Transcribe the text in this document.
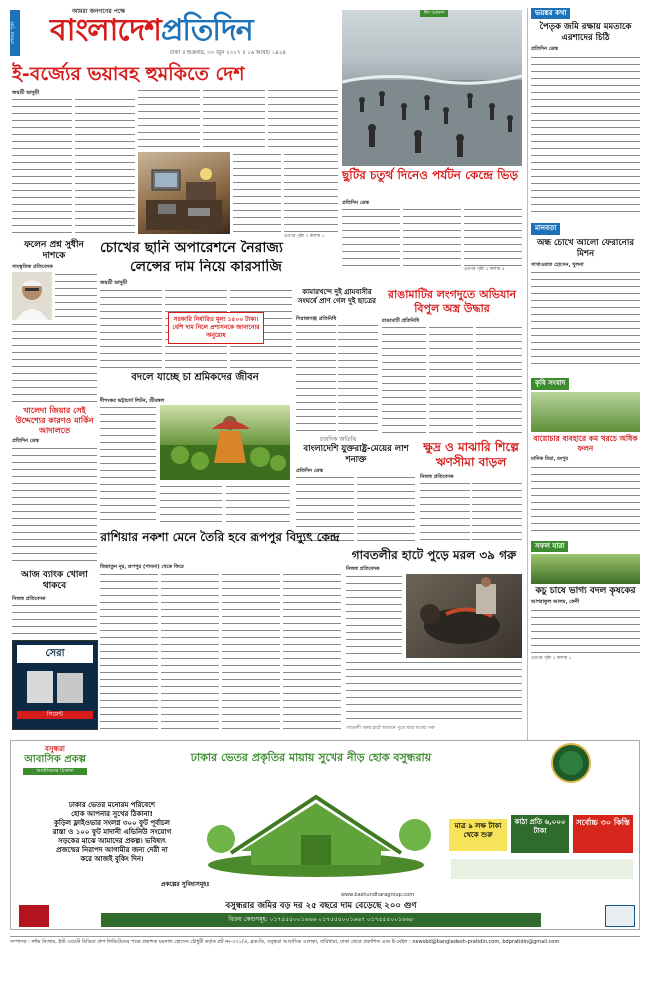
শেষের পৃষ্ঠা
আমরা জনগণের পক্ষে
বাংলাদেশপ্রতিদিন
ঢাকা ॥ শুক্রবার, ৩০ জুন ২০১৭ ॥ ১৬ আষাঢ় ১৪২৪
ই-বর্জ্যের ভয়াবহ হুমকিতে দেশ
জয়শ্রী ভাদুড়ী
এরপর পৃষ্ঠা ২ কলাম ১
ঈদ আনন্দ
ছুটির চতুর্থ দিনেও পর্যটন কেন্দ্রে ভিড়
প্রতিদিন ডেস্ক
এরপর পৃষ্ঠা ২ কলাম ৫
ভয়ঙ্কর কথা
পৈতৃক জমি রক্ষায় মমতাকে এরশাদের চিঠি
প্রতিদিন ডেস্ক
মানবতা
অন্ধ চোখে আলো ফেরানোর মিশন
সাখাওয়াত হোসেন, খুলনা
কৃষি সংবাদ
বায়োচার ব্যবহারে কম খরচে অধিক ফলন
মানিক মিয়া, রংপুর
সফল যারা
কচু চাষে ভাগ্য বদল কৃষকের
আশরাফুল আলম, ফেনী
এরপর পৃষ্ঠা ২ কলাম ১
ফলেন প্রশ্ন সুধীন দাশকে
সাংস্কৃতিক প্রতিবেদক
চোখের ছানি অপারেশনে নৈরাজ্য
লেন্সের দাম নিয়ে কারসাজি
জয়শ্রী ভাদুড়ী
সরকারি নির্ধারিত মূল্য ১৫০০ টাকা। বেশি দাম নিলে প্রশাসনকে জানানোর অনুরোধ
কামারখন্দে দুই গ্রামবাসীর সংঘর্ষে প্রাণ গেল দুই ছাত্রের
সিরাজগঞ্জ প্রতিনিধি
রাঙামাটির লংগদুতে অভিযান বিপুল অস্ত্র উদ্ধার
রাঙামাটি প্রতিনিধি
খালেদা জিয়ার সেই উদ্দেশ্যের কারণও মার্কিন আদালতে
প্রতিদিন ডেস্ক
বদলে যাচ্ছে চা শ্রমিকদের জীবন
দীপংকর ভট্টাচার্য লিটন, শ্রীমঙ্গল
চারদিক অতিথি
বাংলাদেশি যুক্তরাষ্ট্র-মেয়ের লাশ শনাক্ত
প্রতিদিন ডেস্ক
ক্ষুদ্র ও মাঝারি শিল্পে ঋণসীমা বাড়ল
নিজস্ব প্রতিবেদক
আজ ব্যাংক খোলা থাকবে
নিজস্ব প্রতিবেদক
সেরা
সিমেন্ট
রাশিয়ার নকশা মেনে তৈরি হবে রূপপুর বিদ্যুৎ কেন্দ্র
জিন্নাতুন নূর, রূপপুর (পাবনা) থেকে ফিরে
গাবতলীর হাটে পুড়ে মরল ৩৯ গরু
নিজস্ব প্রতিবেদক
গাবতলী গরুর হাটে আগুনে পুড়ে মারা যাওয়া গরু
বসুন্ধরা
আবাসিক প্রকল্প
আজীবনের ঠিকানা
ঢাকার ভেতর প্রকৃতির মায়ায় সুখের নীড় হোক বসুন্ধরায়
ঢাকার ভেতর মনোরম পরিবেশে
হোক আপনার সুখের ঠিকানা!
কুড়িল ফ্লাইওভার সংলগ্ন ৩০০ ফুট পূর্বাচল
রাস্তা ও ১০০ ফুট মাদানী এভিনিউ সংযোগ
সড়কের মাঝে আমাদের প্রকল্প। ভবিষ্যৎ
প্রজন্মের নিরাপদ আগামীর জন্য দেরী না
করে আজই বুকিং দিন।
মাত্র ৯ লক্ষ টাকা থেকে শুরু
কাঠা প্রতি ৬,০০০ টাকা
সর্বোচ্চ ৩০ কিস্তি
প্রকল্পের সুবিধাসমূহঃ
বসুন্ধরার জমির বড় দর ২৫ বছরে দাম বেড়েছে ২০০ গুণ
বিক্রয় কেন্দ্রসমূহ: ০১৭৫৫৫০০১৬৬৬ ০১৭৫৫৫০০১৬৬৭ ০১৭৫৫৫০০১৬৬৮
www.bashundharagroup.com
সম্পাদক : নঈম নিজাম, ইস্ট ওয়েস্ট মিডিয়া গ্রুপ লিমিটেডের পক্ষে প্রকাশক ময়নাল হোসেন চৌধুরী কর্তৃক প্লট নং-৩৭১/এ, ব্লক-ডি, বসুন্ধরা আবাসিক এলাকা, বারিধারা, ঢাকা থেকে প্রকাশিত এবং ই-মেইল : newsbd@bangladesh-pratidin.com, bdpratidin@gmail.com
